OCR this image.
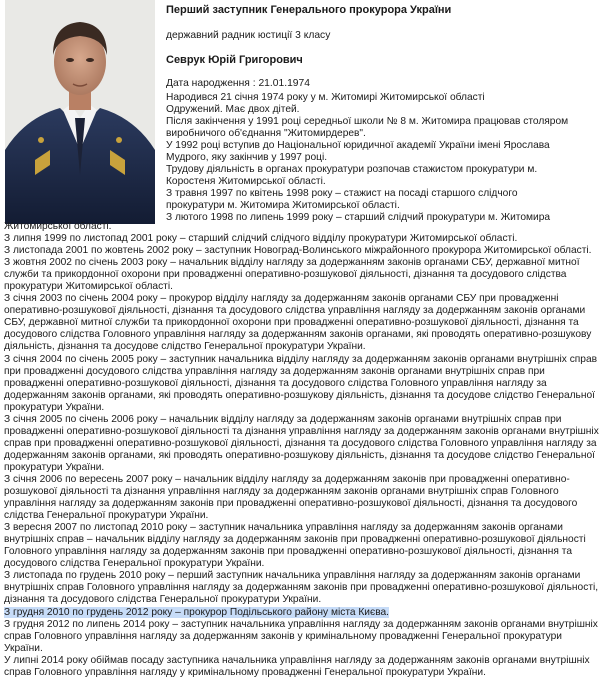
Перший заступник Генерального прокурора України
державний радник юстиції 3 класу
Севрук Юрій Григорович
Дата народження : 21.01.1974
Народився 21 січня 1974 року у м. Житомирі Житомирської області
Одружений. Має двох дітей.
Після закінчення у 1991 році середньої школи № 8 м. Житомира працював столяром
виробничого об'єднання "Житомирдерев".
У 1992 році вступив до Національної юридичної академії України імені Ярослава
Мудрого, яку закінчив у 1997 році.
Трудову діяльність в органах прокуратури розпочав стажистом прокуратури м.
Коростеня Житомирської області.
З травня 1997 по квітень 1998 року – стажист на посаді старшого слідчого
прокуратури м. Житомира Житомирської області.
З лютого 1998 по липень 1999 року – старший слідчий прокуратури м. Житомира

Житомирської області.

З липня 1999 по листопад 2001 року – старший слідчий слідчого відділу прокуратури Житомирської області.

З листопада 2001 по жовтень 2002 року – заступник Новоград-Волинського міжрайонного прокурора Житомирської області.

З жовтня 2002 по січень 2003 року – начальник відділу нагляду за додержанням законів органами СБУ, державної митної служби та прикордонної охорони при провадженні оперативно-розшукової діяльності, дізнання та досудового слідства прокуратури Житомирської області.

З січня 2003 по січень 2004 року – прокурор відділу нагляду за додержанням законів органами СБУ при провадженні оперативно-розшукової діяльності, дізнання та досудового слідства управління нагляду за додержанням законів органами СБУ, державної митної служби та прикордонної охорони при провадженні оперативно-розшукової діяльності, дізнання та досудового слідства Головного управління нагляду за додержанням законів органами, які проводять оперативно-розшукову діяльність, дізнання та досудове слідство Генеральної прокуратури України.

З січня 2004 по січень 2005 року – заступник начальника відділу нагляду за додержанням законів органами внутрішніх справ при провадженні досудового слідства управління нагляду за додержанням законів органами внутрішніх справ при провадженні оперативно-розшукової діяльності, дізнання та досудового слідства Головного управління нагляду за додержанням законів органами, які проводять оперативно-розшукову діяльність, дізнання та досудове слідство Генеральної прокуратури України.

З січня 2005 по січень 2006 року – начальник відділу нагляду за додержанням законів органами внутрішніх справ при провадженні оперативно-розшукової діяльності та дізнання управління нагляду за додержанням законів органами внутрішніх справ при провадженні оперативно-розшукової діяльності, дізнання та досудового слідства Головного управління нагляду за додержанням законів органами, які проводять оперативно-розшукову діяльність, дізнання та досудове слідство Генеральної прокуратури України.

З січня 2006 по вересень 2007 року – начальник відділу нагляду за додержанням законів при провадженні оперативно-розшукової діяльності та дізнання управління нагляду за додержанням законів органами внутрішніх справ Головного управління нагляду за додержанням законів при провадженні оперативно-розшукової діяльності, дізнання та досудового слідства Генеральної прокуратури України.

З вересня 2007 по листопад 2010 року – заступник начальника управління нагляду за додержанням законів органами внутрішніх справ – начальник відділу нагляду за додержанням законів при провадженні оперативно-розшукової діяльності Головного управління нагляду за додержанням законів при провадженні оперативно-розшукової діяльності, дізнання та досудового слідства Генеральної прокуратури України.

З листопада по грудень 2010 року – перший заступник начальника управління нагляду за додержанням законів органами внутрішніх справ Головного управління нагляду за додержанням законів при провадженні оперативно-розшукової діяльності, дізнання та досудового слідства Генеральної прокуратури України.

З грудня 2010 по грудень 2012 року – прокурор Подільського району міста Києва.

З грудня 2012 по липень 2014 року – заступник начальника управління нагляду за додержанням законів органами внутрішніх справ Головного управління нагляду за додержанням законів у кримінальному провадженні Генеральної прокуратури України.

У липні 2014 року обіймав посаду заступника начальника управління нагляду за додержанням законів органами внутрішніх справ Головного управління нагляду у кримінальному провадженні Генеральної прокуратури України.
